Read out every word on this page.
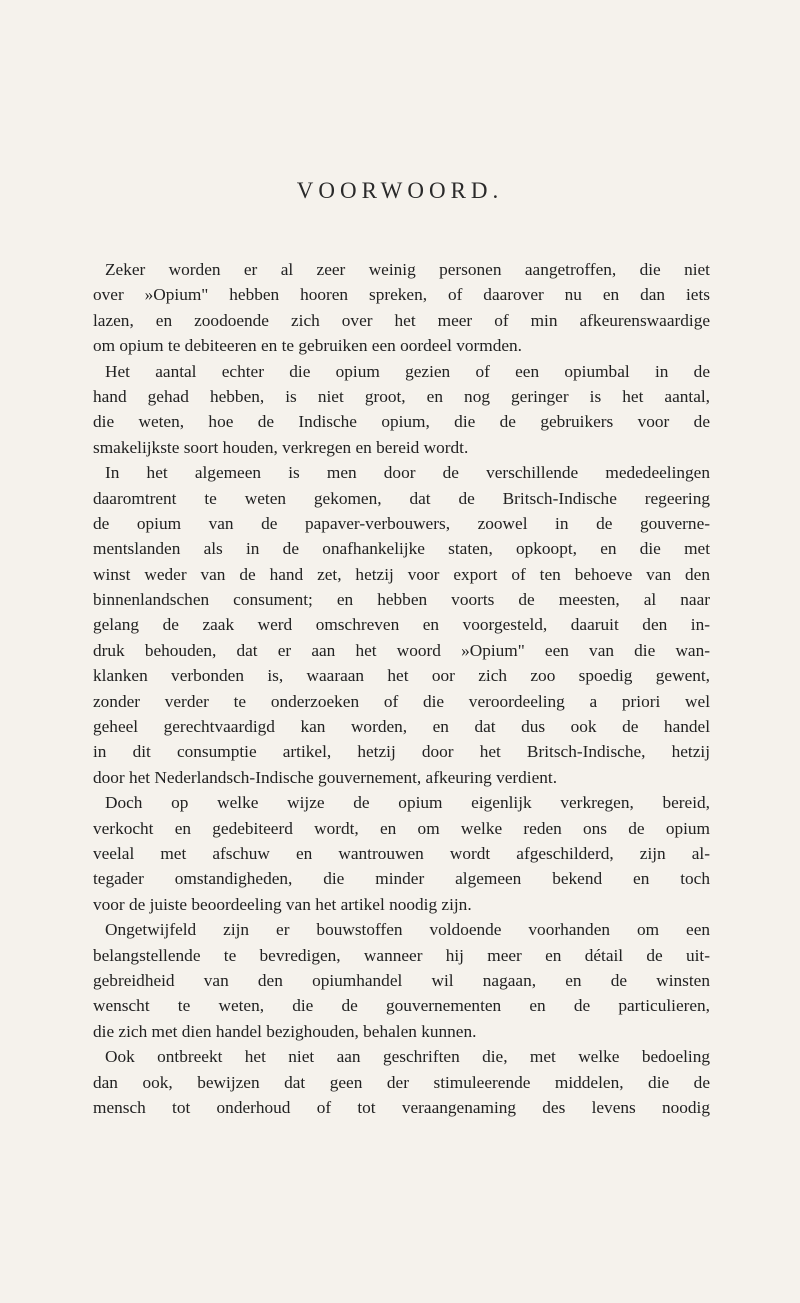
VOORWOORD.
Zeker worden er al zeer weinig personen aangetroffen, die niet
over »Opium" hebben hooren spreken, of daarover nu en dan iets
lazen, en zoodoende zich over het meer of min afkeurenswaardige
om opium te debiteeren en te gebruiken een oordeel vormden.
Het aantal echter die opium gezien of een opiumbal in de
hand gehad hebben, is niet groot, en nog geringer is het aantal,
die weten, hoe de Indische opium, die de gebruikers voor de
smakelijkste soort houden, verkregen en bereid wordt.
In het algemeen is men door de verschillende mededeelingen
daaromtrent te weten gekomen, dat de Britsch-Indische regeering
de opium van de papaver-verbouwers, zoowel in de gouverne-
mentslanden als in de onafhankelijke staten, opkoopt, en die met
winst weder van de hand zet, hetzij voor export of ten behoeve van den
binnenlandschen consument; en hebben voorts de meesten, al naar
gelang de zaak werd omschreven en voorgesteld, daaruit den in-
druk behouden, dat er aan het woord »Opium" een van die wan-
klanken verbonden is, waaraan het oor zich zoo spoedig gewent,
zonder verder te onderzoeken of die veroordeeling a priori wel
geheel gerechtvaardigd kan worden, en dat dus ook de handel
in dit consumptie artikel, hetzij door het Britsch-Indische, hetzij
door het Nederlandsch-Indische gouvernement, afkeuring verdient.
Doch op welke wijze de opium eigenlijk verkregen, bereid,
verkocht en gedebiteerd wordt, en om welke reden ons de opium
veelal met afschuw en wantrouwen wordt afgeschilderd, zijn al-
tegader omstandigheden, die minder algemeen bekend en toch
voor de juiste beoordeeling van het artikel noodig zijn.
Ongetwijfeld zijn er bouwstoffen voldoende voorhanden om een
belangstellende te bevredigen, wanneer hij meer en détail de uit-
gebreidheid van den opiumhandel wil nagaan, en de winsten
wenscht te weten, die de gouvernementen en de particulieren,
die zich met dien handel bezighouden, behalen kunnen.
Ook ontbreekt het niet aan geschriften die, met welke bedoeling
dan ook, bewijzen dat geen der stimuleerende middelen, die de
mensch tot onderhoud of tot veraangenaming des levens noodig
